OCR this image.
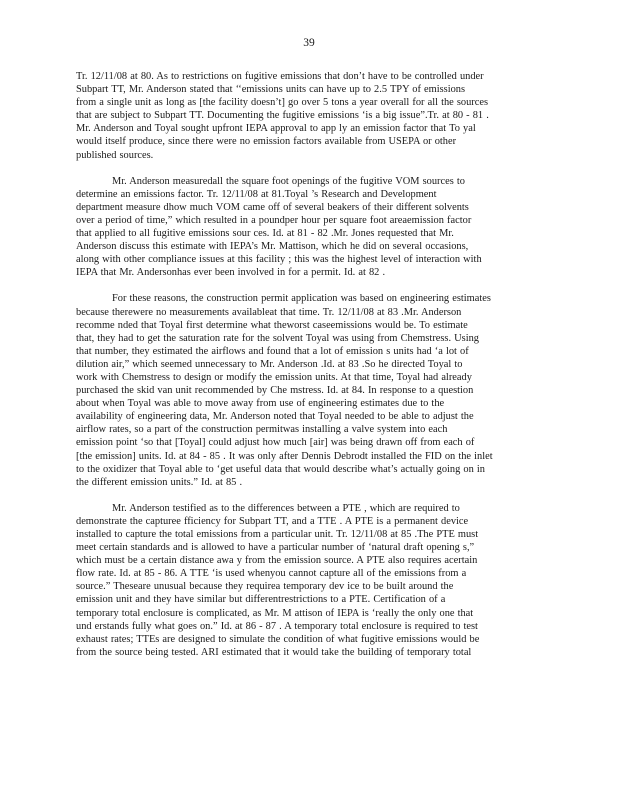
39

Tr. 12/11/08 at 80. As to restrictions on fugitive emissions that don’t have to be controlled under
Subpart TT, Mr. Anderson stated that ‘‘emissions units can have up to 2.5 TPY of emissions
from a single unit as long as [the facility doesn’t] go over 5 tons a year overall for all the sources
that are subject to Subpart TT. Documenting the fugitive emissions ‘is a big issue”.Tr. at 80 - 81 .
Mr. Anderson and Toyal sought upfront IEPA approval to app ly an emission factor that To yal
would itself produce, since there were no emission factors available from USEPA or other
published sources.

Mr. Anderson measuredall the square foot openings of the fugitive VOM sources to
determine an emissions factor. Tr. 12/11/08 at 81.Toyal ’s Research and Development
department measure dhow much VOM came off of several beakers of their different solvents
over a period of time,” which resulted in a poundper hour per square foot areaemission factor
that applied to all fugitive emissions sour ces. Id. at 81 - 82 .Mr. Jones requested that Mr.
Anderson discuss this estimate with IEPA’s Mr. Mattison, which he did on several occasions,
along with other compliance issues at this facility ; this was the highest level of interaction with
IEPA that Mr. Andersonhas ever been involved in for a permit. Id. at 82 .

For these reasons, the construction permit application was based on engineering estimates
because therewere no measurements availableat that time. Tr. 12/11/08 at 83 .Mr. Anderson
recomme nded that Toyal first determine what theworst caseemissions would be. To estimate
that, they had to get the saturation rate for the solvent Toyal was using from Chemstress. Using
that number, they estimated the airflows and found that a lot of emission s units had ‘a lot of
dilution air,” which seemed unnecessary to Mr. Anderson .Id. at 83 .So he directed Toyal to
work with Chemstress to design or modify the emission units. At that time, Toyal had already
purchased the skid van unit recommended by Che mstress. Id. at 84. In response to a question
about when Toyal was able to move away from use of engineering estimates due to the
availability of engineering data, Mr. Anderson noted that Toyal needed to be able to adjust the
airflow rates, so a part of the construction permitwas installing a valve system into each
emission point ‘so that [Toyal] could adjust how much [air] was being drawn off from each of
[the emission] units. Id. at 84 - 85 . It was only after Dennis Debrodt installed the FID on the inlet
to the oxidizer that Toyal able to ‘get useful data that would describe what’s actually going on in
the different emission units.” Id. at 85 .

Mr. Anderson testified as to the differences between a PTE , which are required to
demonstrate the capturee fficiency for Subpart TT, and a TTE . A PTE is a permanent device
installed to capture the total emissions from a particular unit. Tr. 12/11/08 at 85 .The PTE must
meet certain standards and is allowed to have a particular number of ‘natural draft opening s,”
which must be a certain distance awa y from the emission source. A PTE also requires acertain
flow rate. Id. at 85 - 86. A TTE ‘is used whenyou cannot capture all of the emissions from a
source.” Theseare unusual because they requirea temporary dev ice to be built around the
emission unit and they have similar but differentrestrictions to a PTE. Certification of a
temporary total enclosure is complicated, as Mr. M attison of IEPA is ‘really the only one that
und erstands fully what goes on.” Id. at 86 - 87 . A temporary total enclosure is required to test
exhaust rates; TTEs are designed to simulate the condition of what fugitive emissions would be
from the source being tested. ARI estimated that it would take the building of temporary total
